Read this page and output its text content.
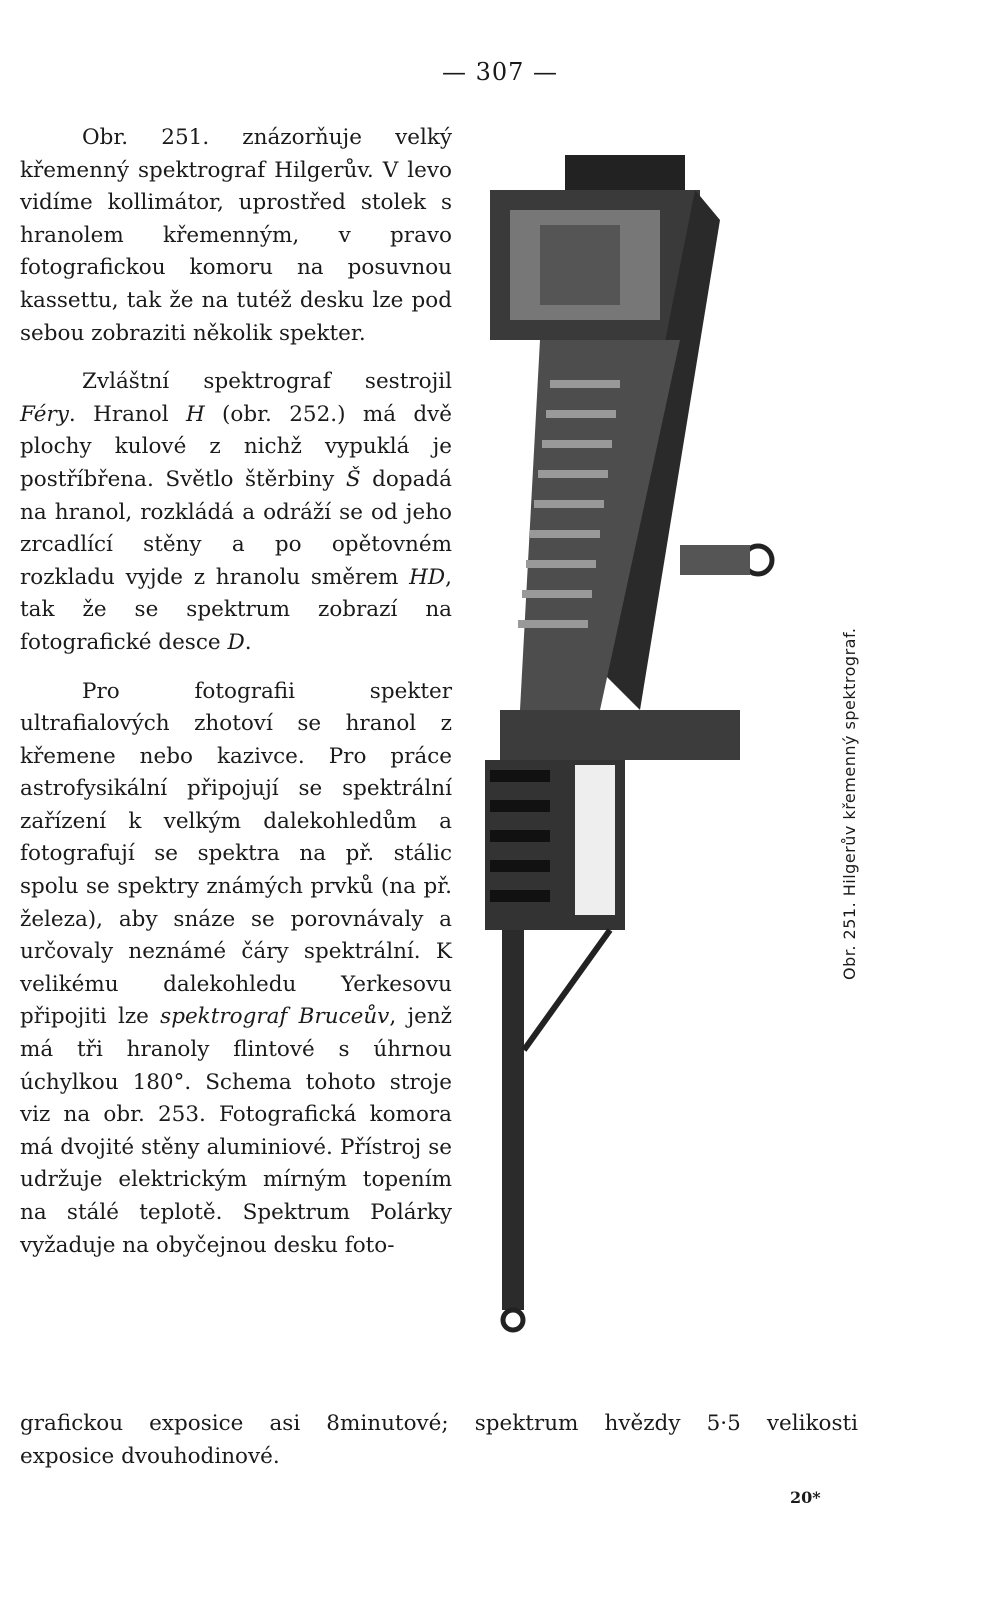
— 307 —

Obr. 251. znázorňuje velký křemenný spektrograf Hilgerův. V levo vidíme kollimátor, uprostřed stolek s hranolem křemenným, v pravo fotografickou komoru na posuvnou kassettu, tak že na tutéž desku lze pod sebou zobraziti několik spekter.

Zvláštní spektrograf sestrojil Féry. Hranol H (obr. 252.) má dvě plochy kulové z nichž vypuklá je postříbřena. Světlo štěrbiny Š dopadá na hranol, rozkládá a odráží se od jeho zrcadlící stěny a po opětovném rozkladu vyjde z hranolu směrem HD, tak že se spektrum zobrazí na fotografické desce D.

Pro fotografii spekter ultrafialových zhotoví se hranol z křemene nebo kazivce. Pro práce astrofysikální připojují se spektrální zařízení k velkým dalekohledům a fotografují se spektra na př. stálic spolu se spektry známých prvků (na př. železa), aby snáze se porovnávaly a určovaly neznámé čáry spektrální. K velikému dalekohledu Yerkesovu připojiti lze spektrograf Bruceův, jenž má tři hranoly flintové s úhrnou úchylkou 180°. Schema tohoto stroje viz na obr. 253. Fotografická komora má dvojité stěny aluminiové. Přístroj se udržuje elektrickým mírným topením na stálé teplotě. Spektrum Polárky vyžaduje na obyčejnou desku foto-

grafickou exposice asi 8minutové; spektrum hvězdy 5·5 velikosti
exposice dvouhodinové.
Obr. 251. Hilgerův křemenný spektrograf.
20*
